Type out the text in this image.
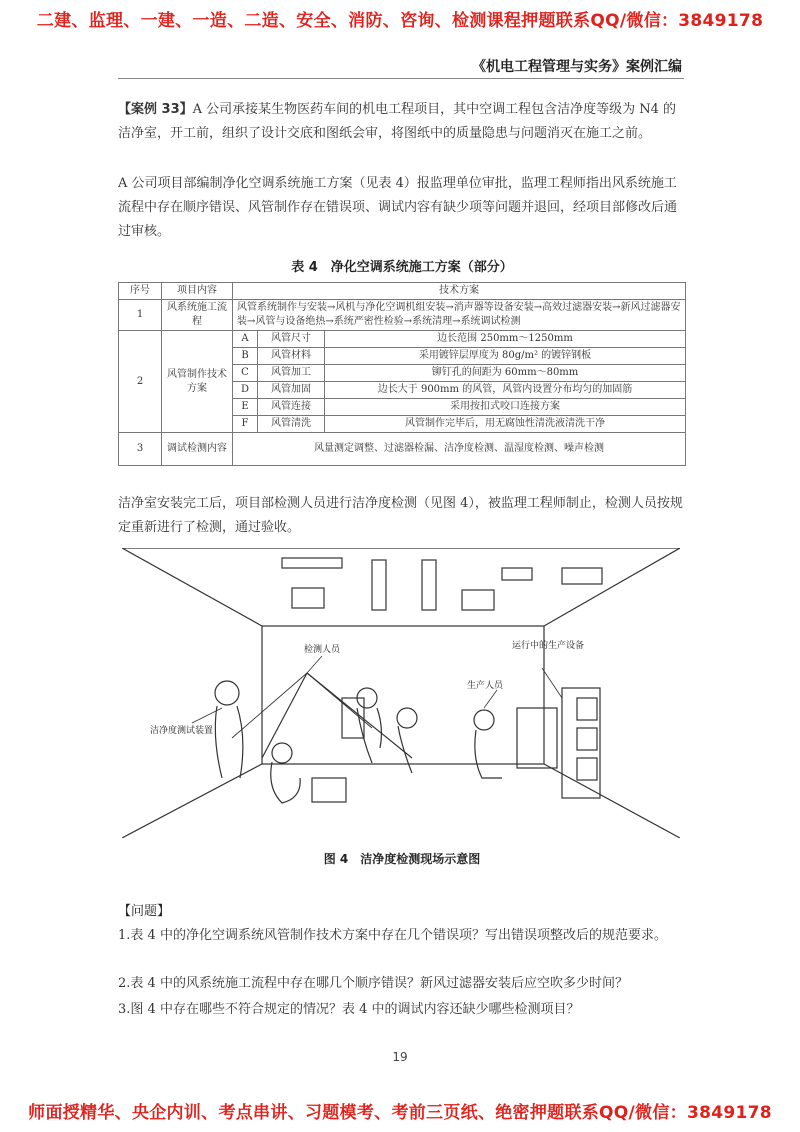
二建、监理、一建、一造、二造、安全、消防、咨询、检测课程押题联系QQ/微信：3849178
《机电工程管理与实务》案例汇编
【案例 33】A 公司承接某生物医药车间的机电工程项目，其中空调工程包含洁净度等级为 N4 的洁净室，开工前，组织了设计交底和图纸会审，将图纸中的质量隐患与问题消灭在施工之前。
A 公司项目部编制净化空调系统施工方案（见表 4）报监理单位审批，监理工程师指出风系统施工流程中存在顺序错误、风管制作存在错误项、调试内容有缺少项等问题并退回，经项目部修改后通过审核。
表 4　净化空调系统施工方案（部分）
序号	项目内容	技术方案		
1	风系统施工流程	风管系统制作与安装→风机与净化空调机组安装→消声器等设备安装→高效过滤器安装→新风过滤器安装→风管与设备绝热→系统严密性检验→系统清理→系统调试检测		
2	风管制作技术方案	A	风管尺寸	边长范围 250mm～1250mm
		B	风管材料	采用镀锌层厚度为 80g/m² 的镀锌钢板
		C	风管加工	铆钉孔的间距为 60mm～80mm
		D	风管加固	边长大于 900mm 的风管，风管内设置分布均匀的加固筋
		E	风管连接	采用按扣式咬口连接方案
		F	风管清洗	风管制作完毕后，用无腐蚀性清洗液清洗干净
3	调试检测内容	风量测定调整、过滤器检漏、洁净度检测、温湿度检测、噪声检测		
洁净室安装完工后，项目部检测人员进行洁净度检测（见图 4），被监理工程师制止，检测人员按规定重新进行了检测，通过验收。
检测人员
洁净度测试装置
运行中的生产设备
生产人员
图 4　洁净度检测现场示意图
【问题】
1.表 4 中的净化空调系统风管制作技术方案中存在几个错误项？写出错误项整改后的规范要求。
2.表 4 中的风系统施工流程中存在哪几个顺序错误？新风过滤器安装后应空吹多少时间？
3.图 4 中存在哪些不符合规定的情况？表 4 中的调试内容还缺少哪些检测项目？
19
师面授精华、央企内训、考点串讲、习题模考、考前三页纸、绝密押题联系QQ/微信：3849178
